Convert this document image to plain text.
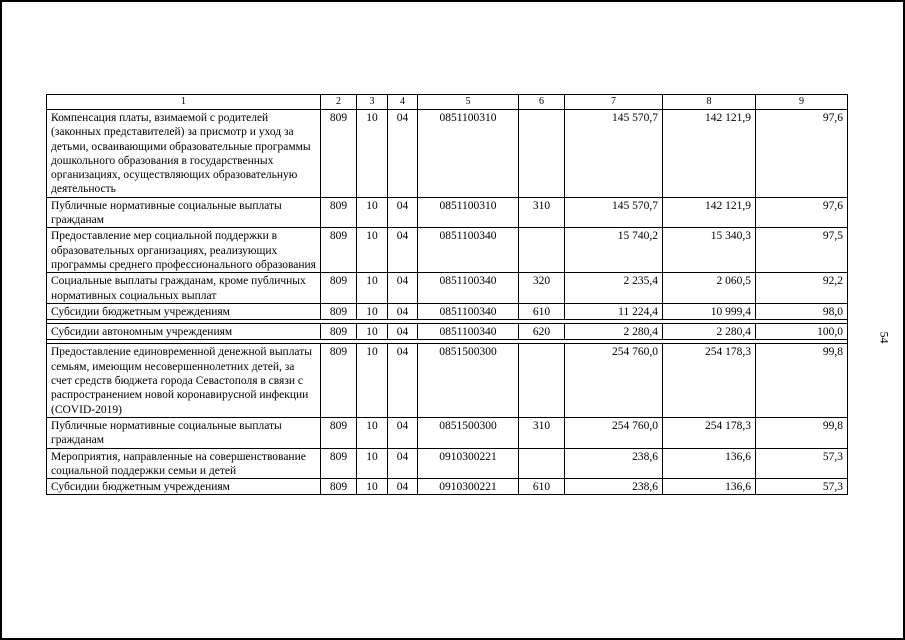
1	2	3	4	5	6	7	8	9
Компенсация платы, взимаемой с родителей (законных представителей) за присмотр и уход за детьми, осваивающими образовательные программы дошкольного образования в государственных организациях, осуществляющих образовательную деятельность	809	10	04	0851100310		145 570,7	142 121,9	97,6
Публичные нормативные социальные выплаты гражданам	809	10	04	0851100310	310	145 570,7	142 121,9	97,6
Предоставление мер социальной поддержки в образовательных организациях, реализующих программы среднего профессионального образования	809	10	04	0851100340		15 740,2	15 340,3	97,5
Социальные выплаты гражданам, кроме публичных нормативных социальных выплат	809	10	04	0851100340	320	2 235,4	2 060,5	92,2
Субсидии бюджетным учреждениям	809	10	04	0851100340	610	11 224,4	10 999,4	98,0

Субсидии автономным учреждениям	809	10	04	0851100340	620	2 280,4	2 280,4	100,0

Предоставление единовременной денежной выплаты семьям, имеющим несовершеннолетних детей, за счет средств бюджета города Севастополя в связи с распространением новой коронавирусной инфекции (COVID-2019)	809	10	04	0851500300		254 760,0	254 178,3	99,8
Публичные нормативные социальные выплаты гражданам	809	10	04	0851500300	310	254 760,0	254 178,3	99,8
Мероприятия, направленные на совершенствование социальной поддержки семьи и детей	809	10	04	0910300221		238,6	136,6	57,3
Субсидии бюджетным учреждениям	809	10	04	0910300221	610	238,6	136,6	57,3
54
